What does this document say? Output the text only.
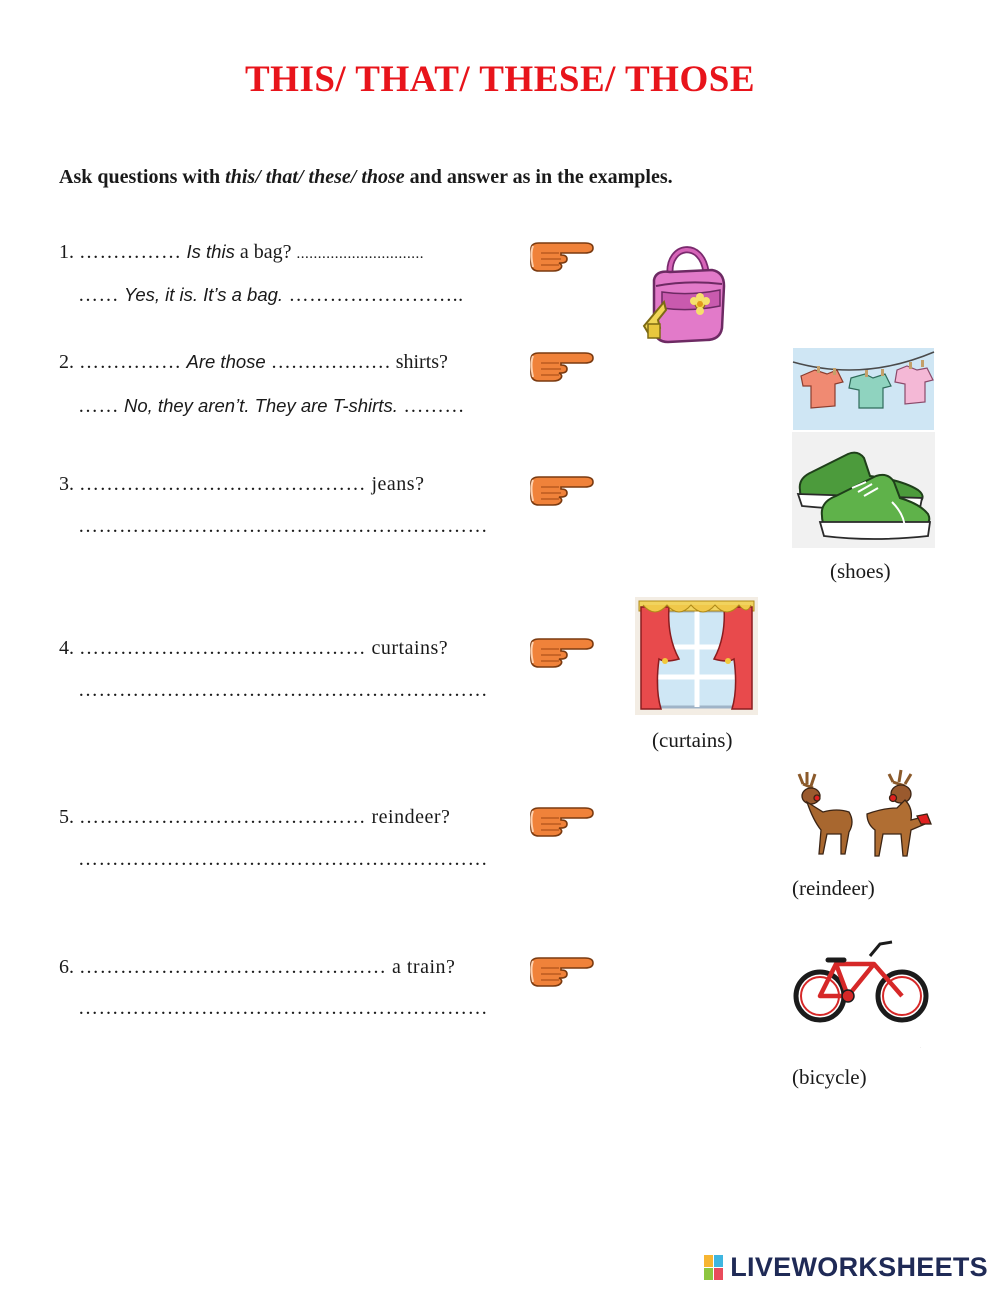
THIS/ THAT/ THESE/ THOSE
Ask questions with this/ that/ these/ those and answer as in the examples.
1. …………… Is this a bag? ..............................
…… Yes, it is. It’s a bag. ……………………..
2. …………… Are those ……………… shirts?
…… No, they aren’t. They are T-shirts. ………
3. …………………………………… jeans?
……………………………………………………
4. …………………………………… curtains?
……………………………………………………
5. …………………………………… reindeer?
……………………………………………………
6. ……………………………………… a train?
……………………………………………………
(shoes)
(curtains)
(reindeer)
.
(bicycle)
LIVEWORKSHEETS
